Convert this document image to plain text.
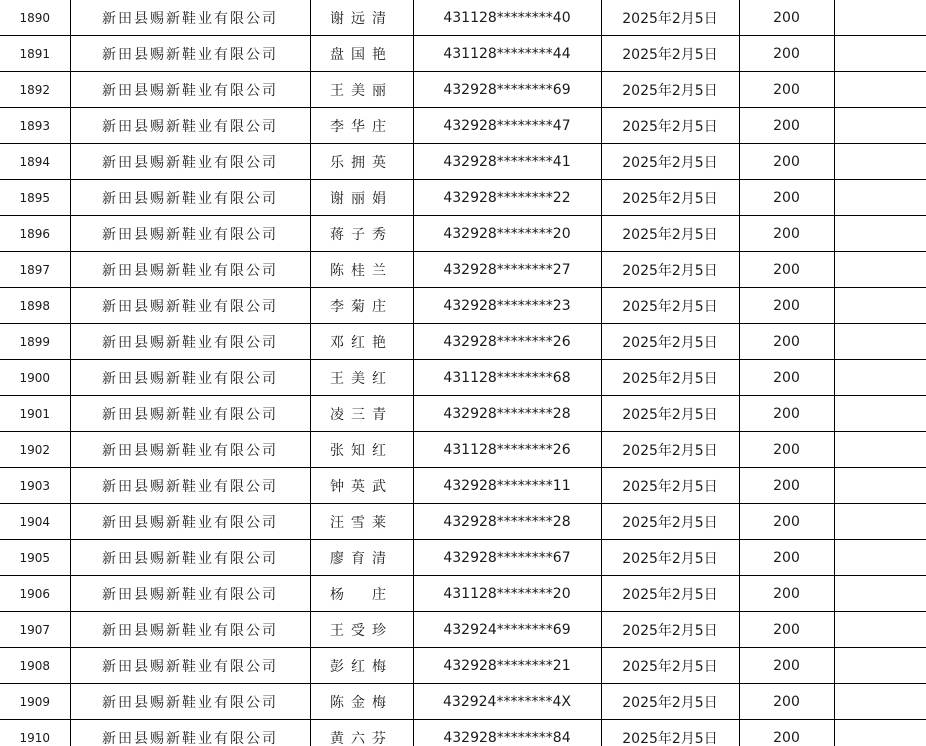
1890	新田县赐新鞋业有限公司	谢远清	431128********40	2025年2月5日	200	
1891	新田县赐新鞋业有限公司	盘国艳	431128********44	2025年2月5日	200	
1892	新田县赐新鞋业有限公司	王美丽	432928********69	2025年2月5日	200	
1893	新田县赐新鞋业有限公司	李华庄	432928********47	2025年2月5日	200	
1894	新田县赐新鞋业有限公司	乐拥英	432928********41	2025年2月5日	200	
1895	新田县赐新鞋业有限公司	谢丽娟	432928********22	2025年2月5日	200	
1896	新田县赐新鞋业有限公司	蒋子秀	432928********20	2025年2月5日	200	
1897	新田县赐新鞋业有限公司	陈桂兰	432928********27	2025年2月5日	200	
1898	新田县赐新鞋业有限公司	李菊庄	432928********23	2025年2月5日	200	
1899	新田县赐新鞋业有限公司	邓红艳	432928********26	2025年2月5日	200	
1900	新田县赐新鞋业有限公司	王美红	431128********68	2025年2月5日	200	
1901	新田县赐新鞋业有限公司	凌三青	432928********28	2025年2月5日	200	
1902	新田县赐新鞋业有限公司	张知红	431128********26	2025年2月5日	200	
1903	新田县赐新鞋业有限公司	钟英武	432928********11	2025年2月5日	200	
1904	新田县赐新鞋业有限公司	汪雪莱	432928********28	2025年2月5日	200	
1905	新田县赐新鞋业有限公司	廖育清	432928********67	2025年2月5日	200	
1906	新田县赐新鞋业有限公司	杨　庄	431128********20	2025年2月5日	200	
1907	新田县赐新鞋业有限公司	王受珍	432924********69	2025年2月5日	200	
1908	新田县赐新鞋业有限公司	彭红梅	432928********21	2025年2月5日	200	
1909	新田县赐新鞋业有限公司	陈金梅	432924********4X	2025年2月5日	200	
1910	新田县赐新鞋业有限公司	黄六芬	432928********84	2025年2月5日	200	
